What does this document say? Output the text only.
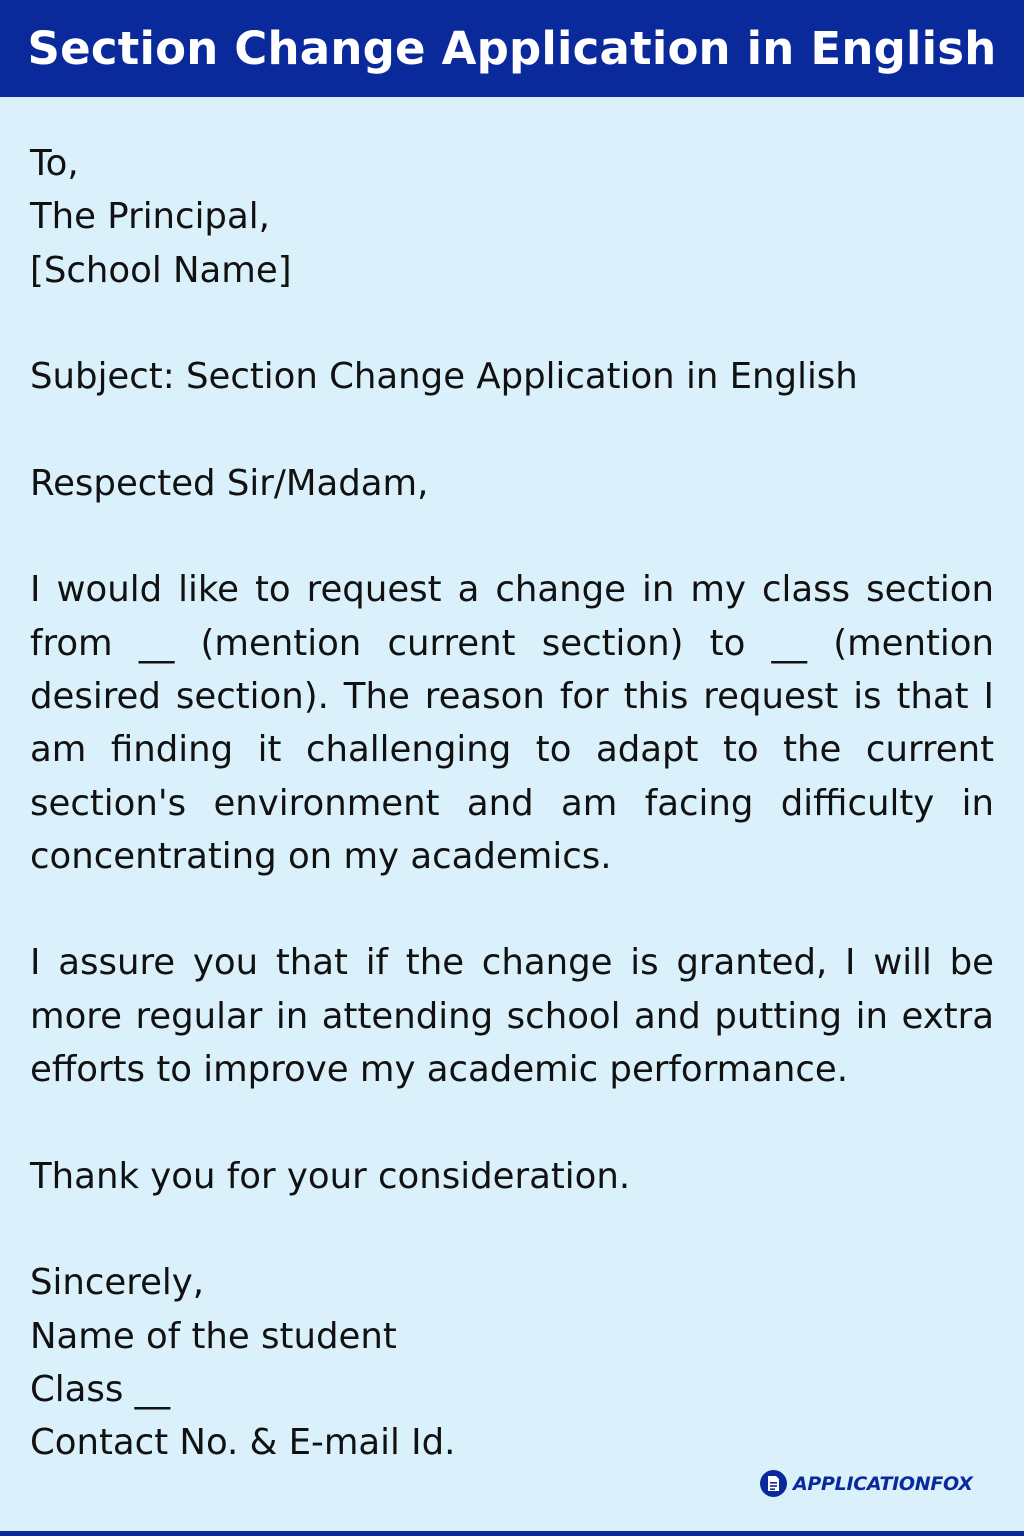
Section Change Application in English
To,
The Principal,
[School Name]
Subject: Section Change Application in English
Respected Sir/Madam,

I would like to request a change in my class section from __ (mention current section) to __ (mention desired section). The reason for this request is that I am finding it challenging to adapt to the current section's environment and am facing difficulty in concentrating on my academics.

I assure you that if the change is granted, I will be more regular in attending school and putting in extra efforts to improve my academic performance.

Thank you for your consideration.
Sincerely,
Name of the student
Class __
Contact No. & E-mail Id.
APPLICATIONFOX
